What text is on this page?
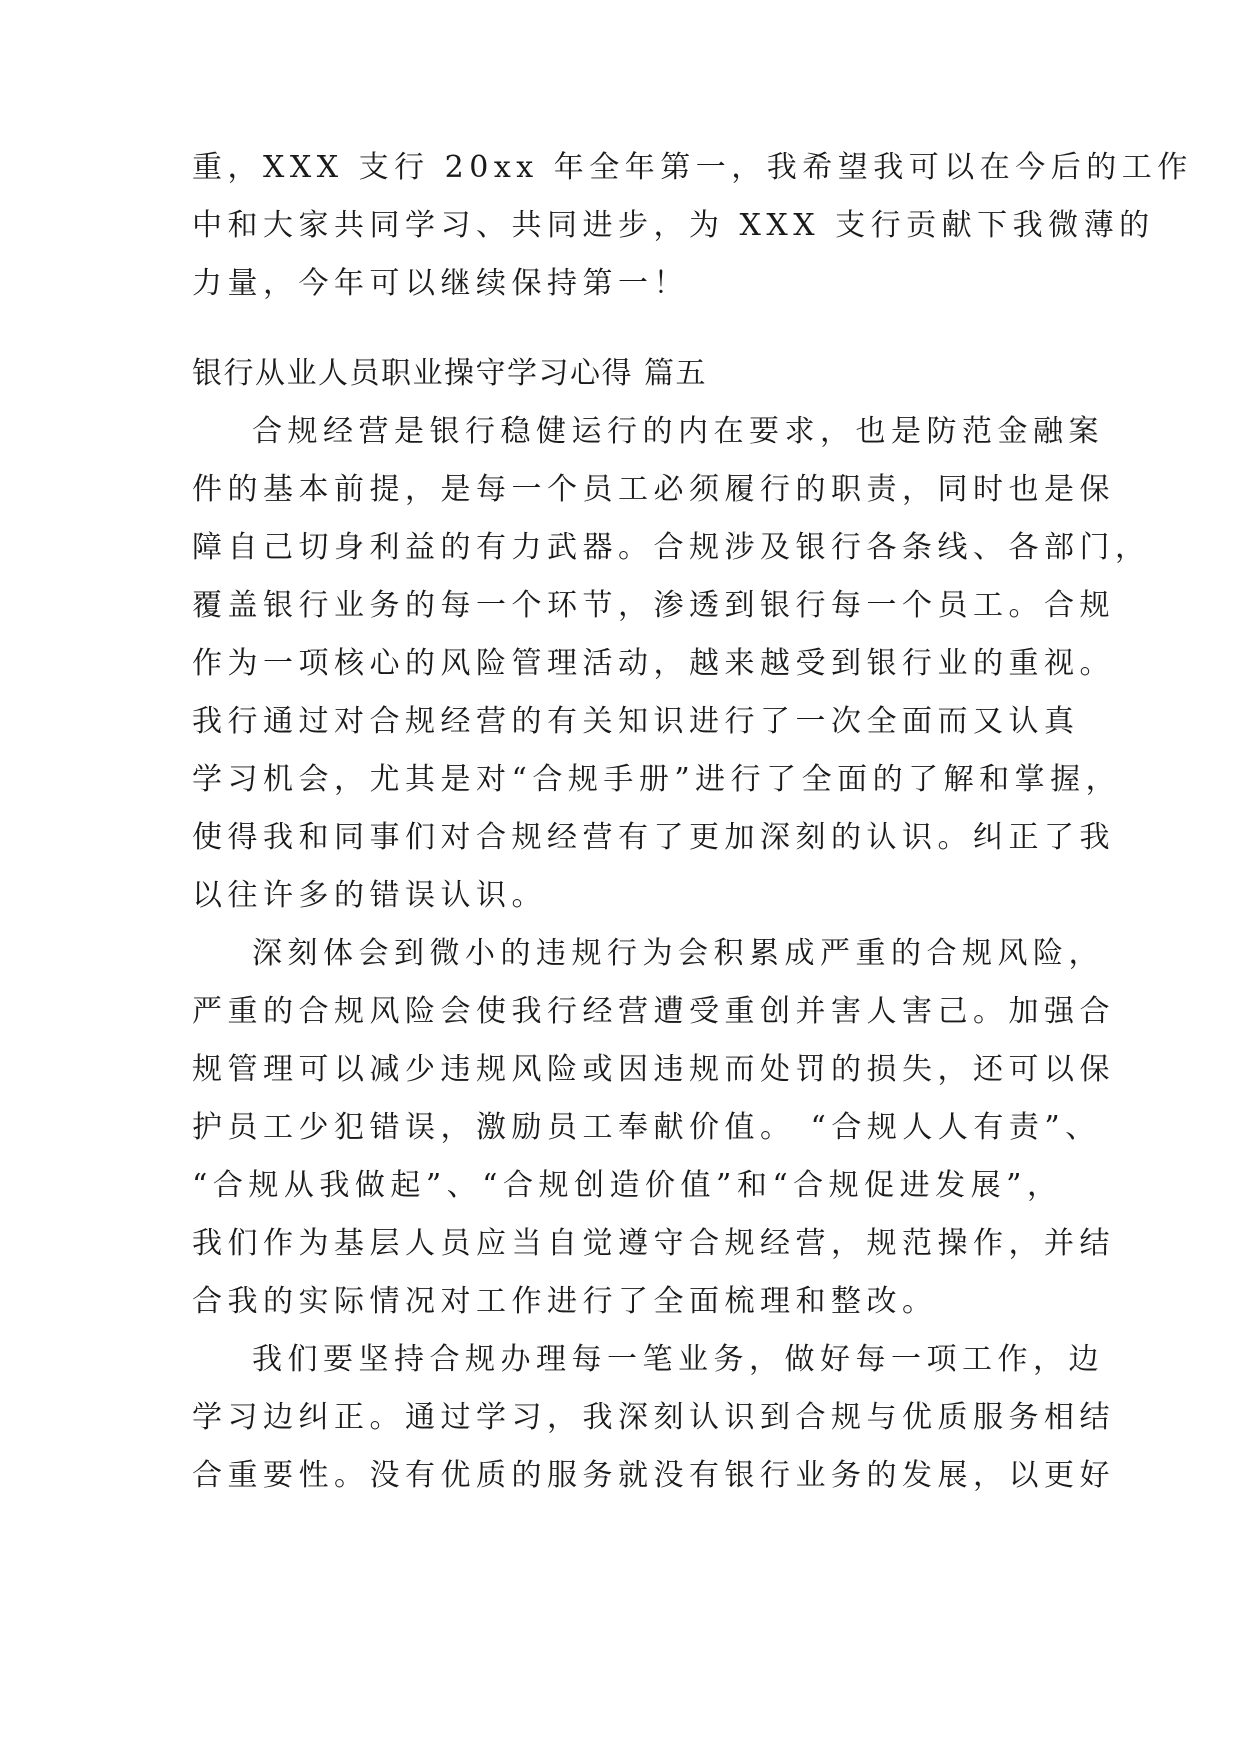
重，XXX 支行 20xx 年全年第一，我希望我可以在今后的工作
中和大家共同学习、共同进步，为 XXX 支行贡献下我微薄的
力量，今年可以继续保持第一！
银行从业人员职业操守学习心得 篇五
合规经营是银行稳健运行的内在要求，也是防范金融案
件的基本前提，是每一个员工必须履行的职责，同时也是保
障自己切身利益的有力武器。合规涉及银行各条线、各部门，
覆盖银行业务的每一个环节，渗透到银行每一个员工。合规
作为一项核心的风险管理活动，越来越受到银行业的重视。
我行通过对合规经营的有关知识进行了一次全面而又认真
学习机会，尤其是对“合规手册”进行了全面的了解和掌握，
使得我和同事们对合规经营有了更加深刻的认识。纠正了我
以往许多的错误认识。
深刻体会到微小的违规行为会积累成严重的合规风险，
严重的合规风险会使我行经营遭受重创并害人害己。加强合
规管理可以减少违规风险或因违规而处罚的损失，还可以保
护员工少犯错误，激励员工奉献价值。 “合规人人有责”、
“合规从我做起”、“合规创造价值”和“合规促进发展”，
我们作为基层人员应当自觉遵守合规经营，规范操作，并结
合我的实际情况对工作进行了全面梳理和整改。
我们要坚持合规办理每一笔业务，做好每一项工作，边
学习边纠正。通过学习，我深刻认识到合规与优质服务相结
合重要性。没有优质的服务就没有银行业务的发展，以更好
